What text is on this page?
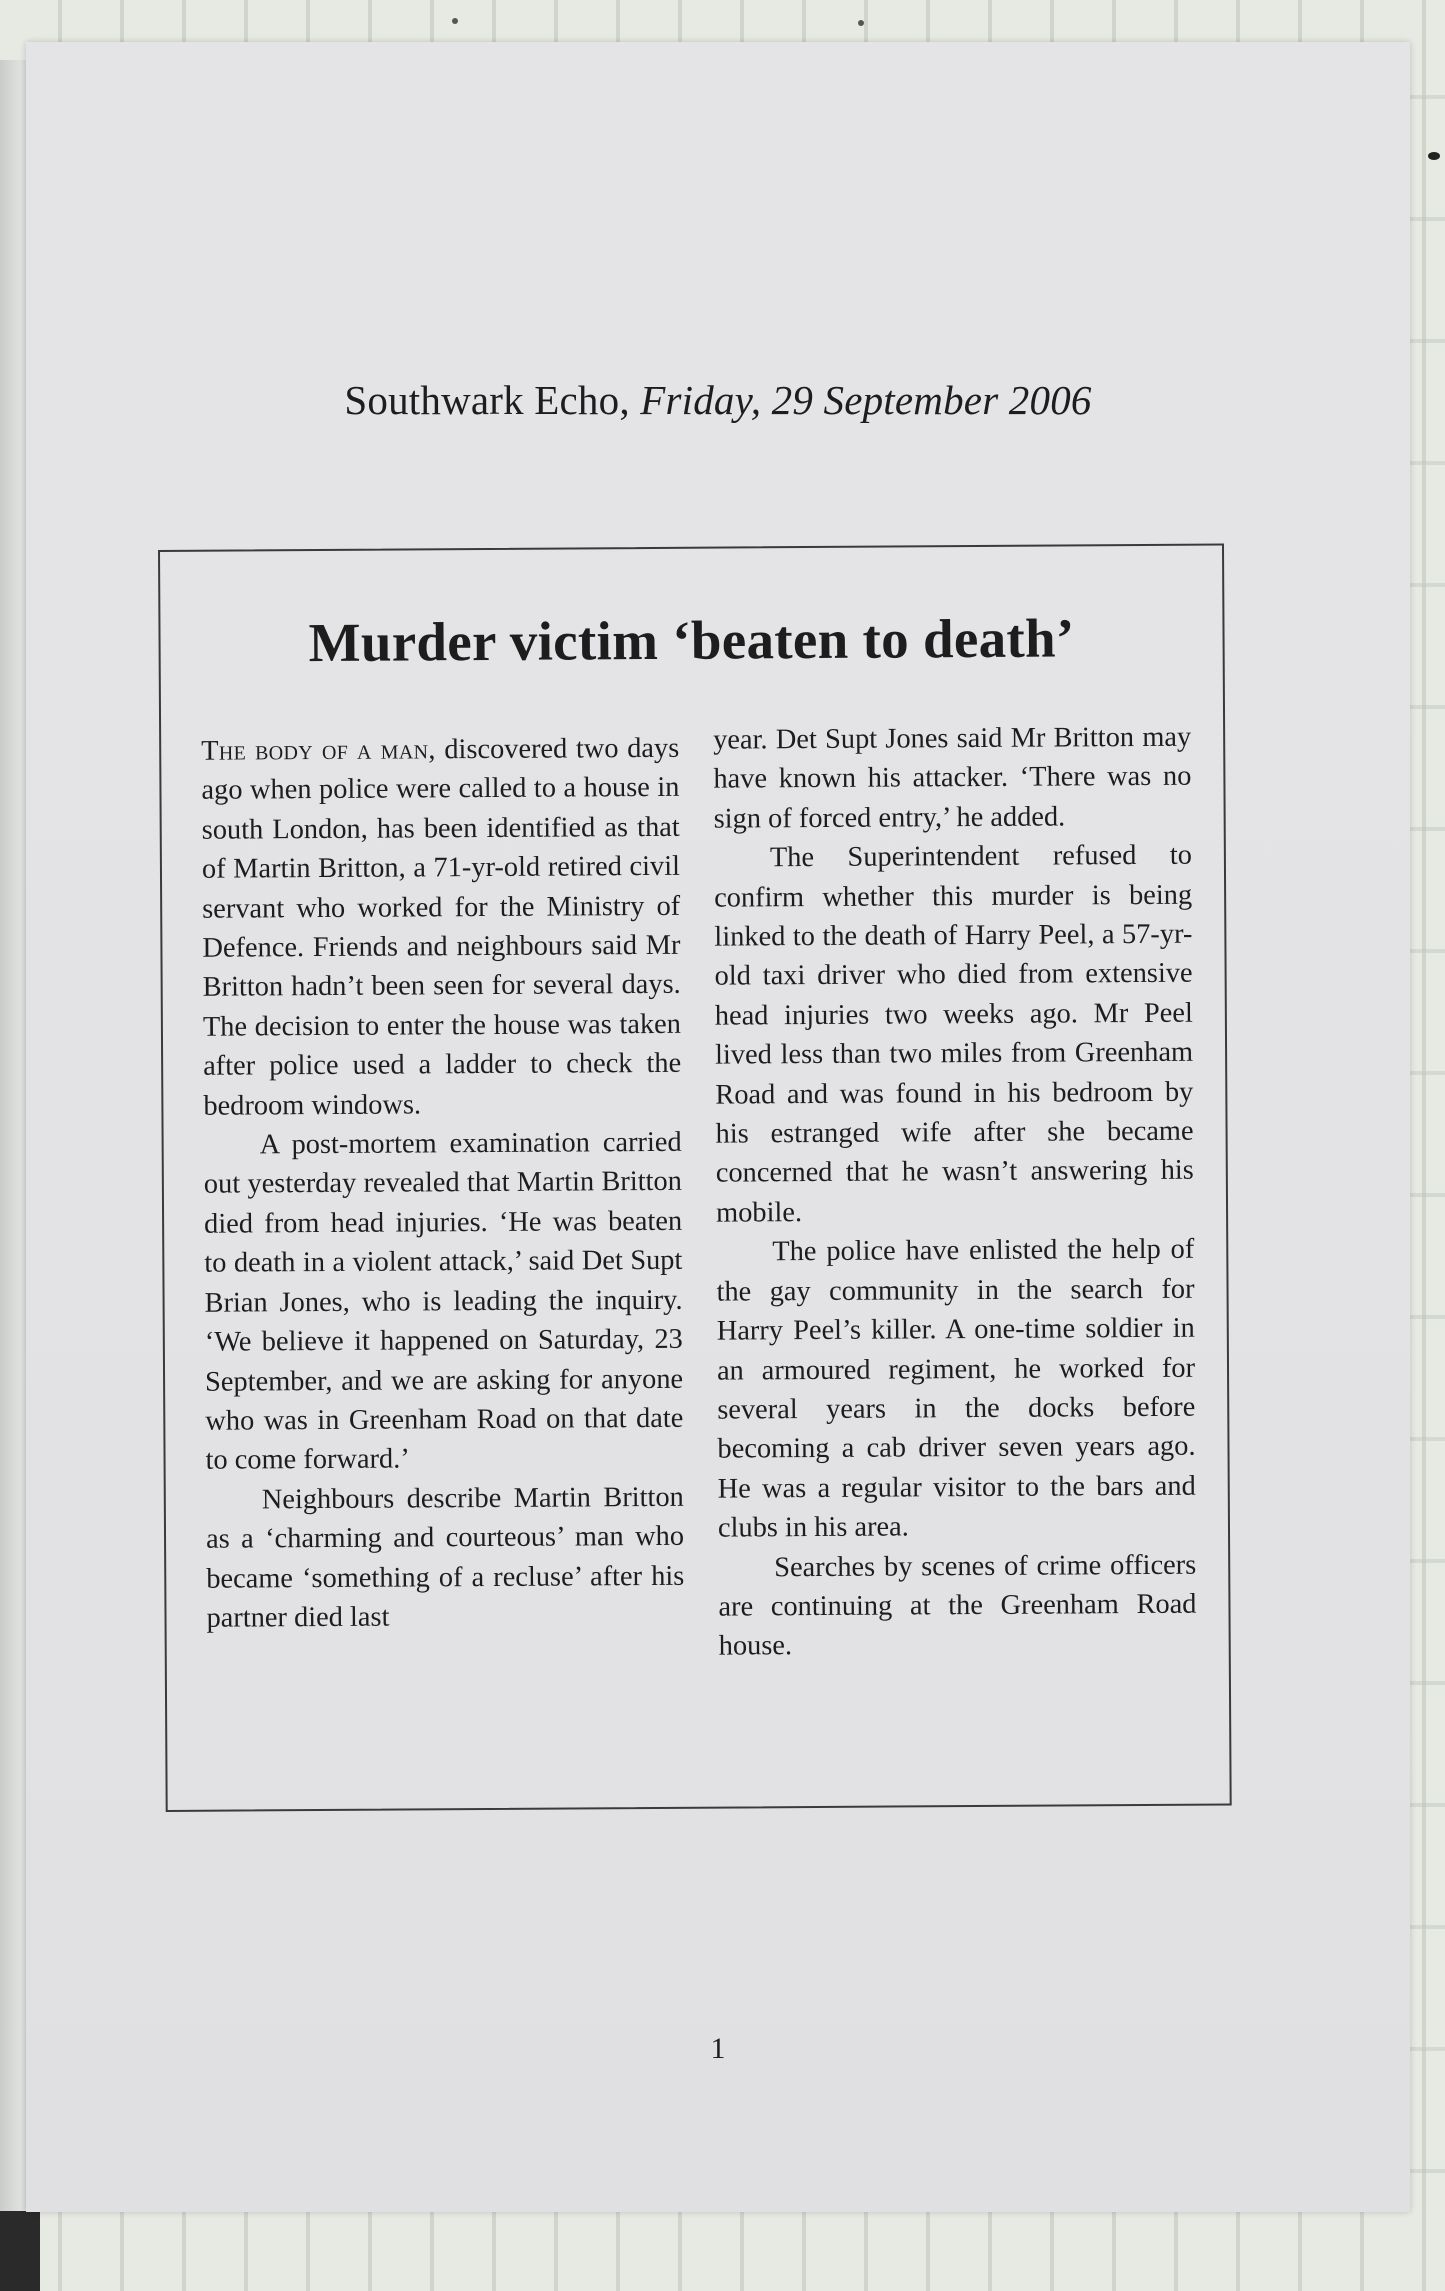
Southwark Echo, Friday, 29 September 2006
Murder victim ‘beaten to death’

The body of a man, discovered two days ago when police were called to a house in south London, has been identified as that of Martin Britton, a 71-yr-old retired civil servant who worked for the Ministry of Defence. Friends and neighbours said Mr Britton hadn’t been seen for several days. The decision to enter the house was taken after police used a ladder to check the bedroom windows.

A post-mortem examination carried out yesterday revealed that Martin Britton died from head injuries. ‘He was beaten to death in a violent attack,’ said Det Supt Brian Jones, who is leading the inquiry. ‘We believe it happened on Saturday, 23 September, and we are asking for anyone who was in Greenham Road on that date to come forward.’

Neighbours describe Martin Britton as a ‘charming and courteous’ man who became ‘something of a recluse’ after his partner died last

year. Det Supt Jones said Mr Britton may have known his attacker. ‘There was no sign of forced entry,’ he added.

The Superintendent refused to confirm whether this murder is being linked to the death of Harry Peel, a 57-yr-old taxi driver who died from extensive head injuries two weeks ago. Mr Peel lived less than two miles from Greenham Road and was found in his bedroom by his estranged wife after she became concerned that he wasn’t answering his mobile.

The police have enlisted the help of the gay community in the search for Harry Peel’s killer. A one-time soldier in an armoured regiment, he worked for several years in the docks before becoming a cab driver seven years ago. He was a regular visitor to the bars and clubs in his area.

Searches by scenes of crime officers are continuing at the Greenham Road house.

1
